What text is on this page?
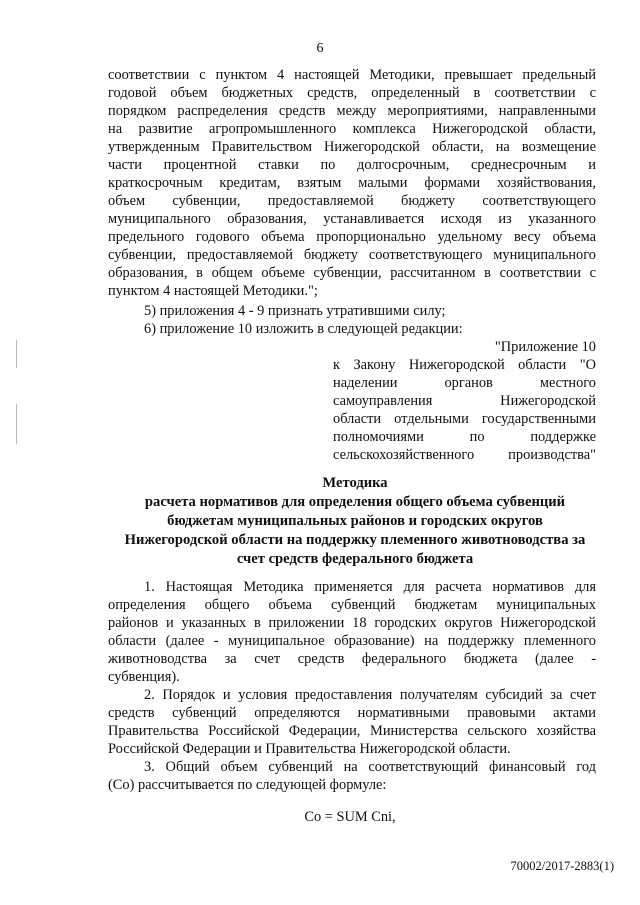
6
соответствии с пунктом 4 настоящей Методики, превышает предельный
годовой объем бюджетных средств, определенный в соответствии с
порядком распределения средств между мероприятиями, направленными
на развитие агропромышленного комплекса Нижегородской области,
утвержденным Правительством Нижегородской области, на возмещение
части процентной ставки по долгосрочным, среднесрочным и
краткосрочным кредитам, взятым малыми формами хозяйствования,
объем субвенции, предоставляемой бюджету соответствующего
муниципального образования, устанавливается исходя из указанного
предельного годового объема пропорционально удельному весу объема
субвенции, предоставляемой бюджету соответствующего муниципального
образования, в общем объеме субвенции, рассчитанном в соответствии с
пунктом 4 настоящей Методики.";
5) приложения 4 - 9 признать утратившими силу;
6) приложение 10 изложить в следующей редакции:
"Приложение 10
к Закону Нижегородской области "О
наделении органов местного
самоуправления Нижегородской
области отдельными государственными
полномочиями по поддержке
сельскохозяйственного производства"
Методика
расчета нормативов для определения общего объема субвенций
бюджетам муниципальных районов и городских округов
Нижегородской области на поддержку племенного животноводства за
счет средств федерального бюджета
1. Настоящая Методика применяется для расчета нормативов для
определения общего объема субвенций бюджетам муниципальных
районов и указанных в приложении 18 городских округов Нижегородской
области (далее - муниципальное образование) на поддержку племенного
животноводства за счет средств федерального бюджета (далее -
субвенция).
2. Порядок и условия предоставления получателям субсидий за счет
средств субвенций определяются нормативными правовыми актами
Правительства Российской Федерации, Министерства сельского хозяйства
Российской Федерации и Правительства Нижегородской области.
3. Общий объем субвенций на соответствующий финансовый год
(Со) рассчитывается по следующей формуле:
Со = SUM Сni,
70002/2017-2883(1)
